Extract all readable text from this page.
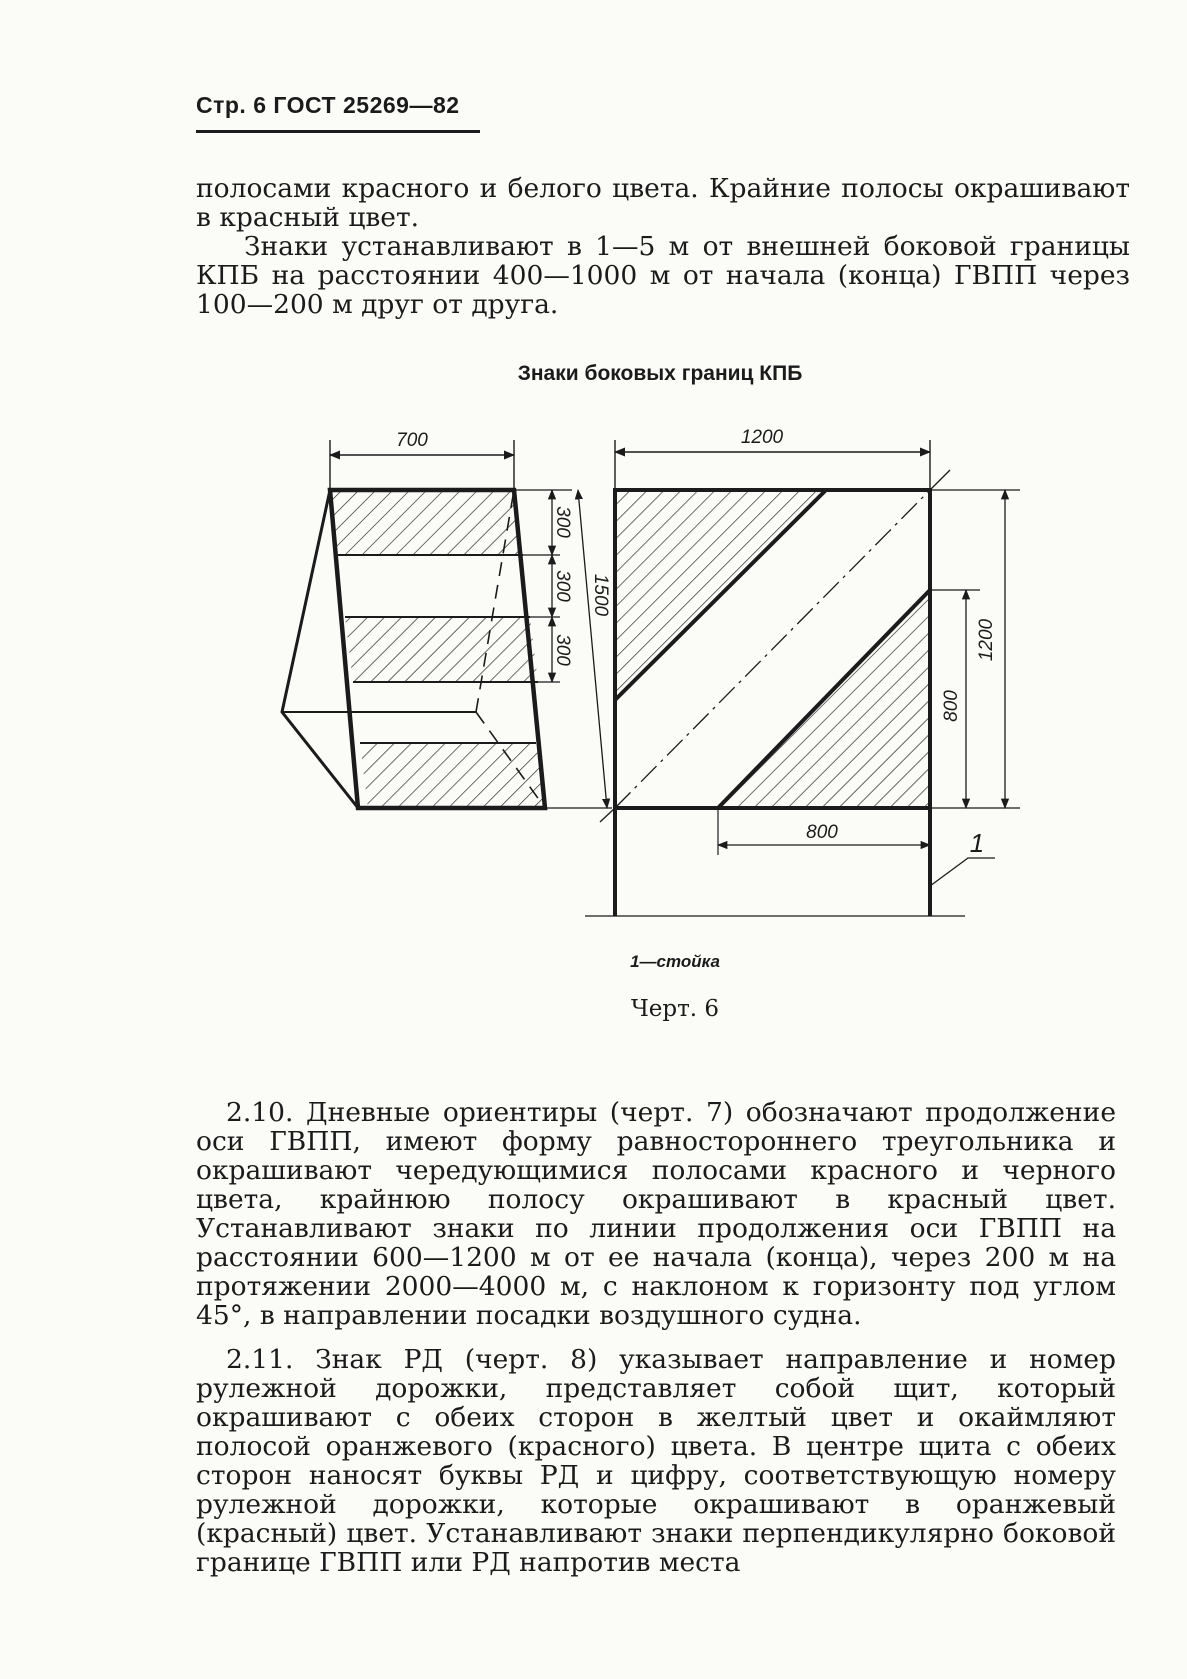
Стр. 6 ГОСТ 25269—82

полосами красного и белого цвета. Крайние полосы окрашивают в красный цвет.

Знаки устанавливают в 1—5 м от внешней боковой границы КПБ на расстоянии 400—1000 м от начала (конца) ГВПП через 100—200 м друг от друга.

Знаки боковых границ КПБ

700
300
300
300
1500
1200
1200
800
800	1

1—стойка

Черт. 6

2.10. Дневные ориентиры (черт. 7) обозначают продолжение оси ГВПП, имеют форму равностороннего треугольника и окрашивают чередующимися полосами красного и черного цвета, крайнюю полосу окрашивают в красный цвет. Устанавливают знаки по линии продолжения оси ГВПП на расстоянии 600—1200 м от ее начала (конца), через 200 м на протяжении 2000—4000 м, с наклоном к горизонту под углом 45°, в направлении посадки воздушного судна.

2.11. Знак РД (черт. 8) указывает направление и номер рулежной дорожки, представляет собой щит, который окрашивают с обеих сторон в желтый цвет и окаймляют полосой оранжевого (красного) цвета. В центре щита с обеих сторон наносят буквы РД и цифру, соответствующую номеру рулежной дорожки, которые окрашивают в оранжевый (красный) цвет. Устанавливают знаки перпендикулярно боковой границе ГВПП или РД напротив места
